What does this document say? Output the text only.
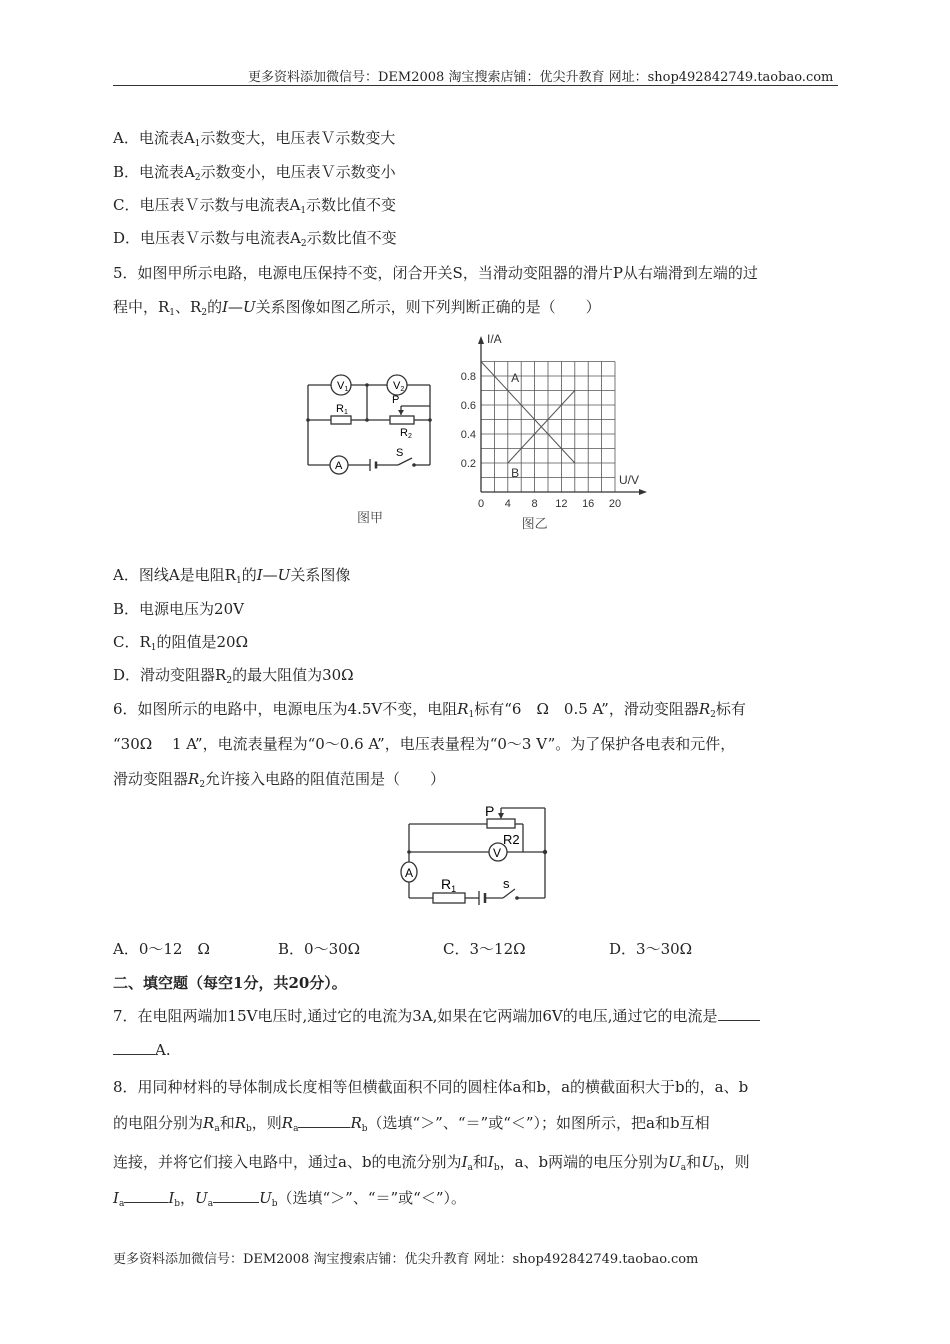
更多资料添加微信号：DEM2008 淘宝搜索店铺：优尖升教育 网址：shop492842749.taobao.com
A．电流表$A_1$示数变大，电压表Ｖ示数变大
B．电流表$A_2$示数变小，电压表Ｖ示数变小
C．电压表Ｖ示数与电流表$A_1$示数比值不变
D．电压表Ｖ示数与电流表$A_2$示数比值不变
5．如图甲所示电路，电源电压保持不变，闭合开关S，当滑动变阻器的滑片P从右端滑到左端的过
程中，$R_1$、$R_2$的I—U关系图像如图乙所示，则下列判断正确的是（　　）
V1	V2
A
R1
P
R2
S
图甲
0 4 8 12 16 20
0.2
0.4
0.6
0.8
I/A
U/V
A
B
图乙
A．图线A是电阻$R_1$的I—U关系图像
B．电源电压为20V
C．$R_1$的阻值是20Ω
D．滑动变阻器$R_2$的最大阻值为30Ω
6．如图所示的电路中，电源电压为4.5V不变，电阻$R_1$标有“6　Ω　0.5 A”，滑动变阻器$R_2$标有
“30Ω　 1 A”，电流表量程为“0～0.6 A”，电压表量程为“0～3 V”。为了保护各电表和元件，
滑动变阻器$R_2$允许接入电路的阻值范围是（　　）
V
A
P
R2
$R_1$	s
A．0～12　Ω	B．0～30Ω	C．3～12Ω	D．3～30Ω
二、填空题（每空1分，共20分）。
7．在电阻两端加15V电压时,通过它的电流为3A,如果在它两端加6V的电压,通过它的电流是
A.
8．用同种材料的导体制成长度相等但横截面积不同的圆柱体a和b，a的横截面积大于b的，a、b
的电阻分别为$R_a$和$R_b$，则$R_a$	$R_b$（选填“＞”、“＝”或“＜”）；如图所示，把a和b互相
连接，并将它们接入电路中，通过a、b的电流分别为$I_a$和$I_b$，a、b两端的电压分别为$U_a$和$U_b$，则
$I_a$	$I_b$，$U_a$	$U_b$（选填“＞”、“＝”或“＜”）。
更多资料添加微信号：DEM2008 淘宝搜索店铺：优尖升教育 网址：shop492842749.taobao.com
